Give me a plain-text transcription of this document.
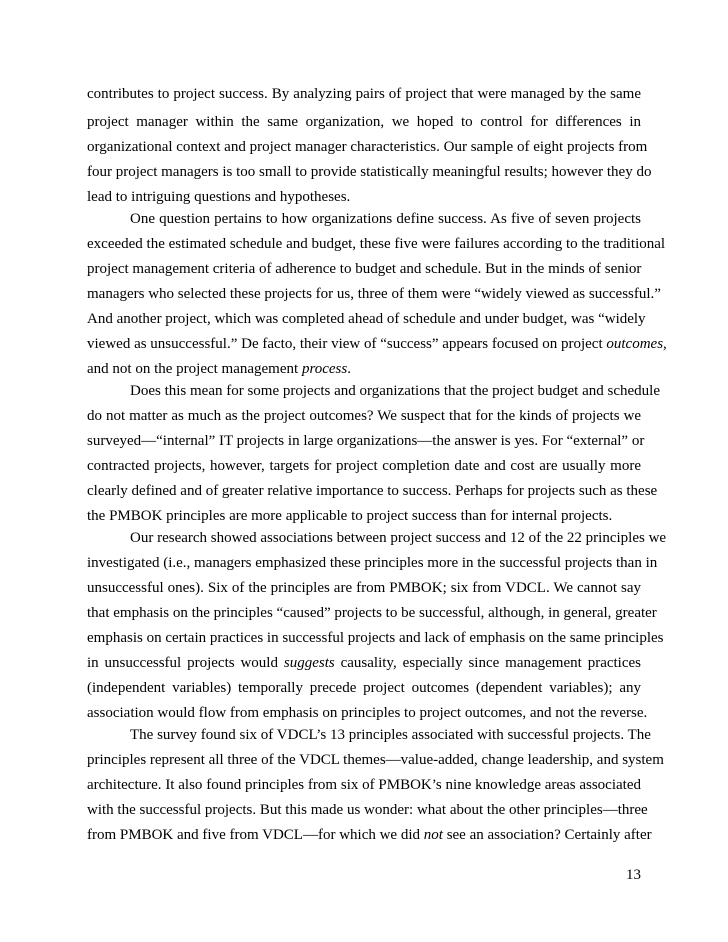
contributes to project success. By analyzing pairs of project that were managed by the same
project manager within the same organization, we hoped to control for differences in
organizational context and project manager characteristics. Our sample of eight projects from
four project managers is too small to provide statistically meaningful results; however they do
lead to intriguing questions and hypotheses.
One question pertains to how organizations define success. As five of seven projects
exceeded the estimated schedule and budget, these five were failures according to the traditional
project management criteria of adherence to budget and schedule. But in the minds of senior
managers who selected these projects for us, three of them were “widely viewed as successful.”
And another project, which was completed ahead of schedule and under budget, was “widely
viewed as unsuccessful.” De facto, their view of “success” appears focused on project outcomes,
and not on the project management process.
Does this mean for some projects and organizations that the project budget and schedule
do not matter as much as the project outcomes? We suspect that for the kinds of projects we
surveyed—“internal” IT projects in large organizations—the answer is yes. For “external” or
contracted projects, however, targets for project completion date and cost are usually more
clearly defined and of greater relative importance to success. Perhaps for projects such as these
the PMBOK principles are more applicable to project success than for internal projects.
Our research showed associations between project success and 12 of the 22 principles we
investigated (i.e., managers emphasized these principles more in the successful projects than in
unsuccessful ones). Six of the principles are from PMBOK; six from VDCL. We cannot say
that emphasis on the principles “caused” projects to be successful, although, in general, greater
emphasis on certain practices in successful projects and lack of emphasis on the same principles
in unsuccessful projects would suggests causality, especially since management practices
(independent variables) temporally precede project outcomes (dependent variables); any
association would flow from emphasis on principles to project outcomes, and not the reverse.
The survey found six of VDCL’s 13 principles associated with successful projects. The
principles represent all three of the VDCL themes—value-added, change leadership, and system
architecture. It also found principles from six of PMBOK’s nine knowledge areas associated
with the successful projects. But this made us wonder: what about the other principles—three
from PMBOK and five from VDCL—for which we did not see an association? Certainly after
13
